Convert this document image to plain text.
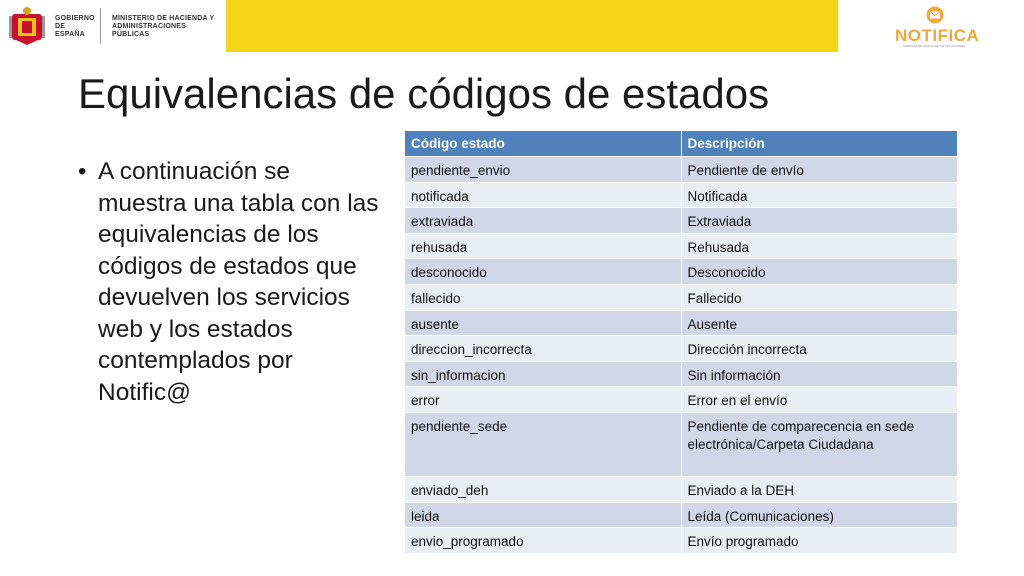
GOBIERNO DE ESPAÑA
MINISTERIO DE HACIENDA Y ADMINISTRACIONES PÚBLICAS	NOTIFICA
SERVICIO DE AVISOS DE NOTIFICACIONES
Equivalencias de códigos de estados
• A continuación se muestra una tabla con las equivalencias de los códigos de estados que devuelven los servicios web y los estados contemplados por Notific@
Código estado	Descripción
pendiente_envio	Pendiente de envío
notificada	Notificada
extraviada	Extraviada
rehusada	Rehusada
desconocido	Desconocido
fallecido	Fallecido
ausente	Ausente
direccion_incorrecta	Dirección incorrecta
sin_informacion	Sin información
error	Error en el envío
pendiente_sede	Pendiente de comparecencia en sede electrónica/Carpeta Ciudadana
enviado_deh	Enviado a la DEH
leida	Leída (Comunicaciones)
envio_programado	Envío programado
